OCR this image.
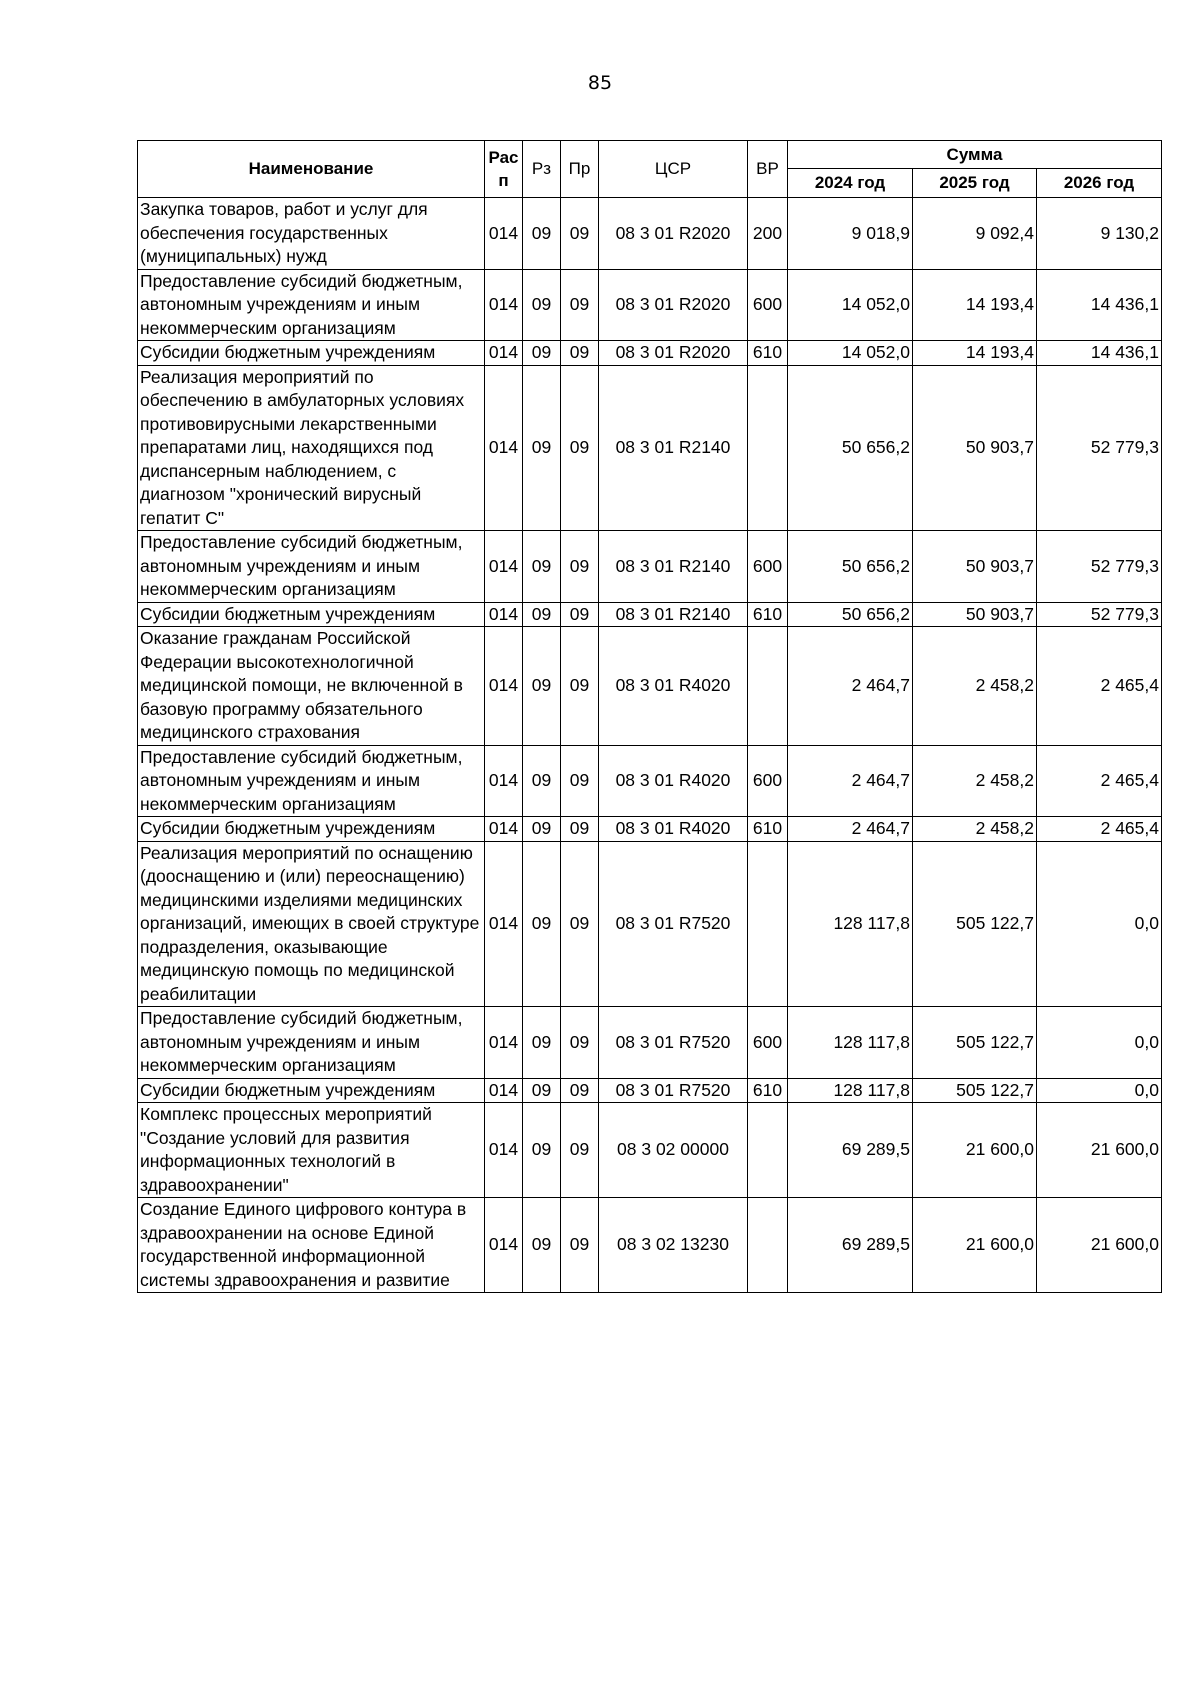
85
Наименование	Рас п	Рз	Пр	ЦСР	ВР	Сумма		
						2024 год	2025 год	2026 год
Закупка товаров, работ и услуг для обеспечения государственных (муниципальных) нужд	014	09	09	08 3 01 R2020	200	9 018,9	9 092,4	9 130,2
Предоставление субсидий бюджетным, автономным учреждениям и иным некоммерческим организациям	014	09	09	08 3 01 R2020	600	14 052,0	14 193,4	14 436,1
Субсидии бюджетным учреждениям	014	09	09	08 3 01 R2020	610	14 052,0	14 193,4	14 436,1
Реализация мероприятий по обеспечению в амбулаторных условиях противовирусными лекарственными препаратами лиц, находящихся под диспансерным наблюдением, с диагнозом "хронический вирусный гепатит С"	014	09	09	08 3 01 R2140		50 656,2	50 903,7	52 779,3
Предоставление субсидий бюджетным, автономным учреждениям и иным некоммерческим организациям	014	09	09	08 3 01 R2140	600	50 656,2	50 903,7	52 779,3
Субсидии бюджетным учреждениям	014	09	09	08 3 01 R2140	610	50 656,2	50 903,7	52 779,3
Оказание гражданам Российской Федерации высокотехнологичной медицинской помощи, не включенной в базовую программу обязательного медицинского страхования	014	09	09	08 3 01 R4020		2 464,7	2 458,2	2 465,4
Предоставление субсидий бюджетным, автономным учреждениям и иным некоммерческим организациям	014	09	09	08 3 01 R4020	600	2 464,7	2 458,2	2 465,4
Субсидии бюджетным учреждениям	014	09	09	08 3 01 R4020	610	2 464,7	2 458,2	2 465,4
Реализация мероприятий по оснащению (дооснащению и (или) переоснащению) медицинскими изделиями медицинских организаций, имеющих в своей структуре подразделения, оказывающие медицинскую помощь по медицинской реабилитации	014	09	09	08 3 01 R7520		128 117,8	505 122,7	0,0
Предоставление субсидий бюджетным, автономным учреждениям и иным некоммерческим организациям	014	09	09	08 3 01 R7520	600	128 117,8	505 122,7	0,0
Субсидии бюджетным учреждениям	014	09	09	08 3 01 R7520	610	128 117,8	505 122,7	0,0
Комплекс процессных мероприятий "Создание условий для развития информационных технологий в здравоохранении"	014	09	09	08 3 02 00000		69 289,5	21 600,0	21 600,0
Создание Единого цифрового контура в здравоохранении на основе Единой государственной информационной системы здравоохранения и развитие	014	09	09	08 3 02 13230		69 289,5	21 600,0	21 600,0
